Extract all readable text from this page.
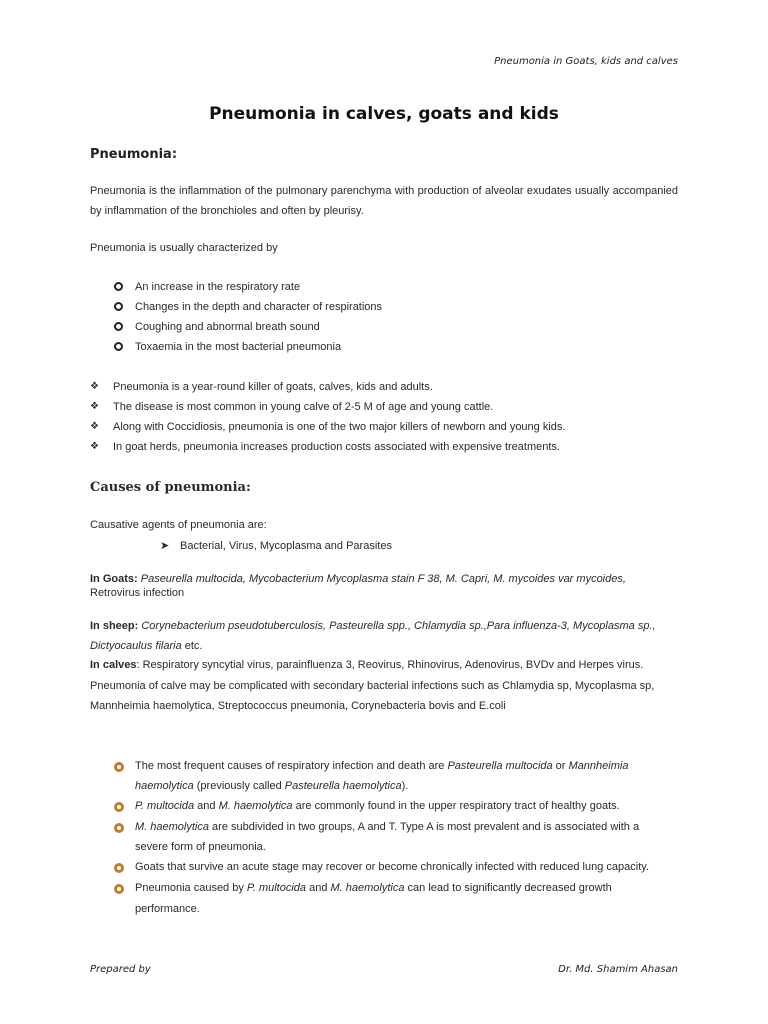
Pneumonia in Goats, kids and calves
Pneumonia in calves, goats and kids
Pneumonia:
Pneumonia is the inflammation of the pulmonary parenchyma with production of alveolar exudates usually accompanied by inflammation of the bronchioles and often by pleurisy.
Pneumonia is usually characterized by
An increase in the respiratory rate
Changes in the depth and character of respirations
Coughing and abnormal breath sound
Toxaemia in the most bacterial pneumonia
❖ Pneumonia is a year-round killer of goats, calves, kids and adults.
❖ The disease is most common in young calve of 2-5 M of age and young cattle.
❖ Along with Coccidiosis, pneumonia is one of the two major killers of newborn and young kids.
❖ In goat herds, pneumonia increases production costs associated with expensive treatments.
Causes of pneumonia:
Causative agents of pneumonia are:
➤ Bacterial, Virus, Mycoplasma and Parasites
In Goats: Paseurella multocida, Mycobacterium Mycoplasma stain F 38, M. Capri, M. mycoides var mycoides,
Retrovirus infection
In sheep: Corynebacterium pseudotuberculosis, Pasteurella spp., Chlamydia sp.,Para influenza-3, Mycoplasma sp.,
Dictyocaulus filaria etc.
In calves: Respiratory syncytial virus, parainfluenza 3, Reovirus, Rhinovirus, Adenovirus, BVDv and Herpes virus.
Pneumonia of calve may be complicated with secondary bacterial infections such as Chlamydia sp, Mycoplasma sp,
Mannheimia haemolytica, Streptococcus pneumonia, Corynebacteria bovis and E.coli
The most frequent causes of respiratory infection and death are Pasteurella multocida or Mannheimia
haemolytica (previously called Pasteurella haemolytica).
P. multocida and M. haemolytica are commonly found in the upper respiratory tract of healthy goats.
M. haemolytica are subdivided in two groups, A and T. Type A is most prevalent and is associated with a
severe form of pneumonia.
Goats that survive an acute stage may recover or become chronically infected with reduced lung capacity.
Pneumonia caused by P. multocida and M. haemolytica can lead to significantly decreased growth
performance.
Prepared by	Dr. Md. Shamim Ahasan
